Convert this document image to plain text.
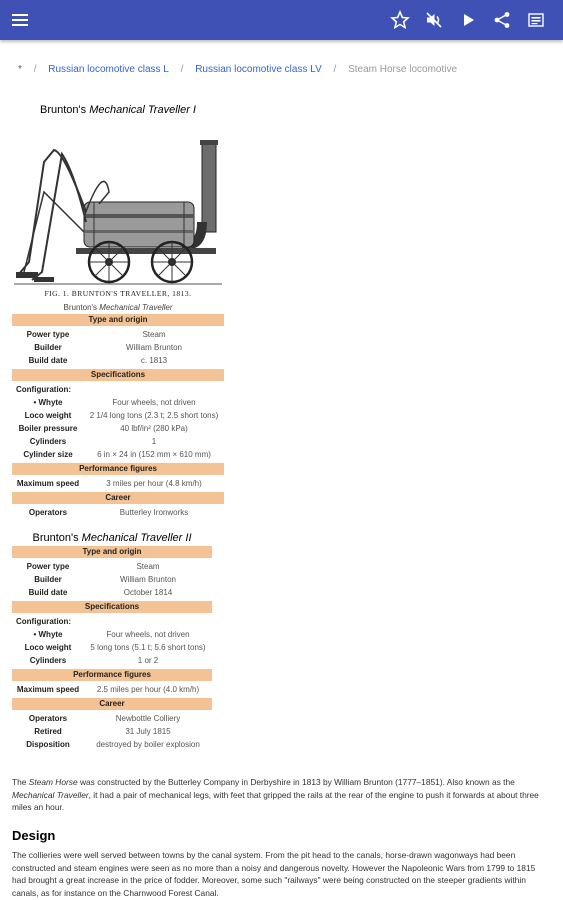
* / Russian locomotive class L / Russian locomotive class LV / Steam Horse locomotive
Brunton's Mechanical Traveller I
FIG. 1. BRUNTON'S TRAVELLER, 1813.
Brunton's Mechanical Traveller
Type and origin
Power type	Steam
Builder	William Brunton
Build date	c. 1813
Specifications
Configuration:
• Whyte	Four wheels, not driven
Loco weight	2 1/4 long tons (2.3 t; 2.5 short tons)
Boiler pressure	40 lbf/in² (280 kPa)
Cylinders	1
Cylinder size	6 in × 24 in (152 mm × 610 mm)
Performance figures
Maximum speed	3 miles per hour (4.8 km/h)
Career
Operators	Butterley Ironworks
Brunton's Mechanical Traveller II
Type and origin
Power type	Steam
Builder	William Brunton
Build date	October 1814
Specifications
Configuration:
• Whyte	Four wheels, not driven
Loco weight	5 long tons (5.1 t; 5.6 short tons)
Cylinders	1 or 2
Performance figures
Maximum speed	2.5 miles per hour (4.0 km/h)
Career
Operators	Newbottle Colliery
Retired	31 July 1815
Disposition	destroyed by boiler explosion
The Steam Horse was constructed by the Butterley Company in Derbyshire in 1813 by William Brunton (1777–1851). Also known as the Mechanical Traveller, it had a pair of mechanical legs, with feet that gripped the rails at the rear of the engine to push it forwards at about three miles an hour.
Design
The collieries were well served between towns by the canal system. From the pit head to the canals, horse-drawn wagonways had been constructed and steam engines were seen as no more than a noisy and dangerous novelty. However the Napoleonic Wars from 1799 to 1815 had brought a great increase in the price of fodder. Moreover, some such "railways" were being constructed on the steeper gradients within canals, as for instance on the Charnwood Forest Canal.
